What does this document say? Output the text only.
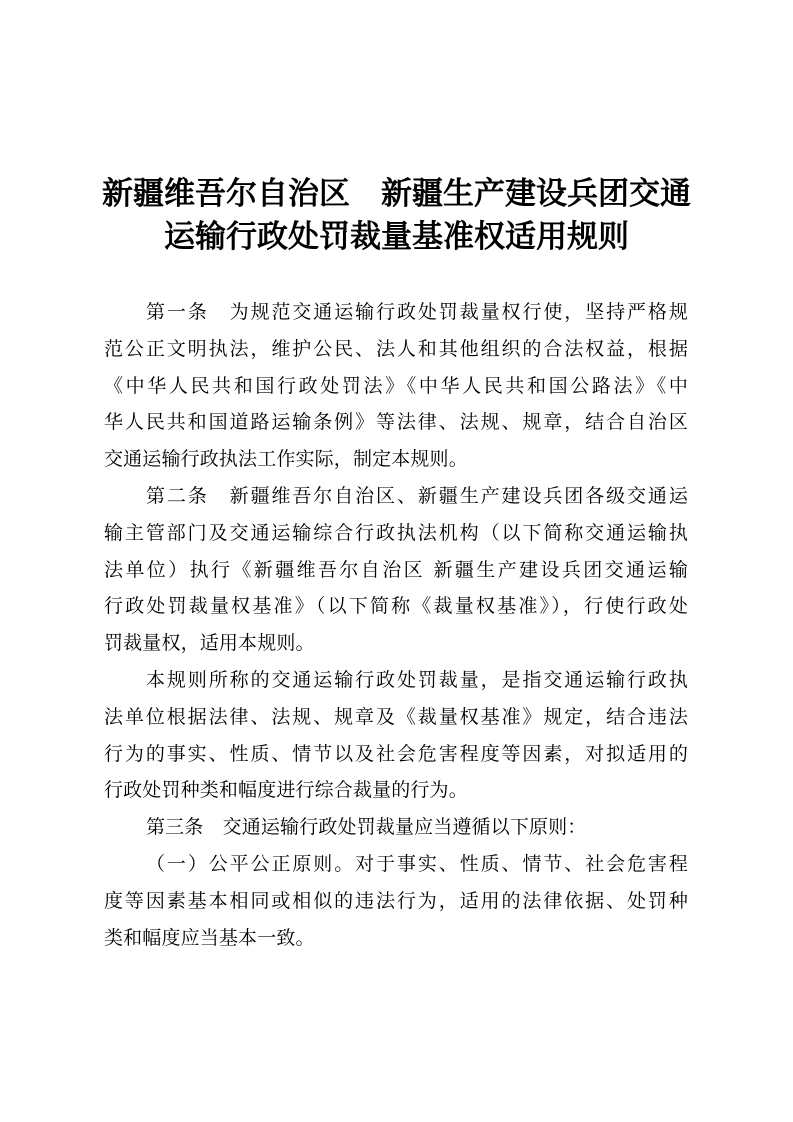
新疆维吾尔自治区　新疆生产建设兵团交通
运输行政处罚裁量基准权适用规则
第一条　为规范交通运输行政处罚裁量权行使，坚持严格规
范公正文明执法，维护公民、法人和其他组织的合法权益，根据
《中华人民共和国行政处罚法》《中华人民共和国公路法》《中
华人民共和国道路运输条例》等法律、法规、规章，结合自治区
交通运输行政执法工作实际，制定本规则。
第二条　新疆维吾尔自治区、新疆生产建设兵团各级交通运
输主管部门及交通运输综合行政执法机构（以下简称交通运输执
法单位）执行《新疆维吾尔自治区 新疆生产建设兵团交通运输
行政处罚裁量权基准》（以下简称《裁量权基准》），行使行政处
罚裁量权，适用本规则。
本规则所称的交通运输行政处罚裁量，是指交通运输行政执
法单位根据法律、法规、规章及《裁量权基准》规定，结合违法
行为的事实、性质、情节以及社会危害程度等因素，对拟适用的
行政处罚种类和幅度进行综合裁量的行为。
第三条　交通运输行政处罚裁量应当遵循以下原则：
（一）公平公正原则。对于事实、性质、情节、社会危害程
度等因素基本相同或相似的违法行为，适用的法律依据、处罚种
类和幅度应当基本一致。
